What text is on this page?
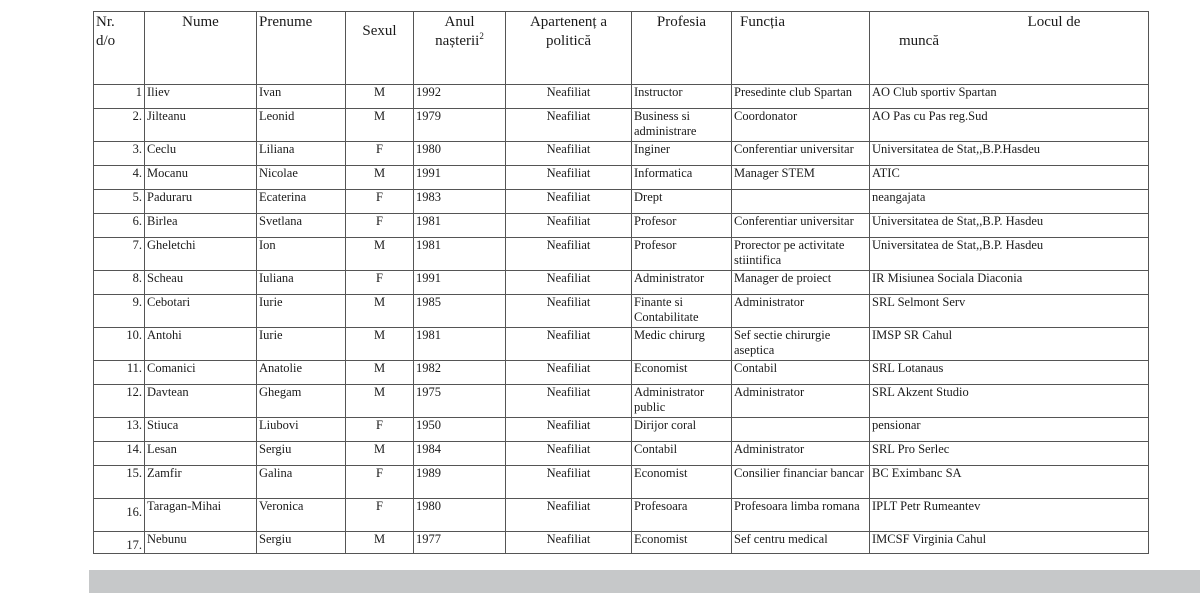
Nr.
d/o	Nume	Prenume	Sexul	Anul
nașterii$^2$	Apartenenț a
politică	Profesia	Funcția	Locul de
muncă

1	Iliev	Ivan	M	1992	Neafiliat	Instructor	Presedinte club Spartan	AO Club sportiv Spartan
2.	Jilteanu	Leonid	M	1979	Neafiliat	Business si administrare	Coordonator	AO Pas cu Pas reg.Sud
3.	Ceclu	Liliana	F	1980	Neafiliat	Inginer	Conferentiar universitar	Universitatea de Stat,,B.P.Hasdeu
4.	Mocanu	Nicolae	M	1991	Neafiliat	Informatica	Manager STEM	ATIC
5.	Paduraru	Ecaterina	F	1983	Neafiliat	Drept		neangajata
6.	Birlea	Svetlana	F	1981	Neafiliat	Profesor	Conferentiar universitar	Universitatea de Stat,,B.P. Hasdeu
7.	Gheletchi	Ion	M	1981	Neafiliat	Profesor	Prorector pe activitate stiintifica	Universitatea de Stat,,B.P. Hasdeu
8.	Scheau	Iuliana	F	1991	Neafiliat	Administrator	Manager de proiect	IR Misiunea Sociala Diaconia
9.	Cebotari	Iurie	M	1985	Neafiliat	Finante si Contabilitate	Administrator	SRL Selmont Serv
10.	Antohi	Iurie	M	1981	Neafiliat	Medic chirurg	Sef sectie chirurgie aseptica	IMSP SR Cahul
11.	Comanici	Anatolie	M	1982	Neafiliat	Economist	Contabil	SRL Lotanaus
12.	Davtean	Ghegam	M	1975	Neafiliat	Administrator public	Administrator	SRL Akzent Studio
13.	Stiuca	Liubovi	F	1950	Neafiliat	Dirijor coral		pensionar
14.	Lesan	Sergiu	M	1984	Neafiliat	Contabil	Administrator	SRL Pro Serlec
15.	Zamfir	Galina	F	1989	Neafiliat	Economist	Consilier financiar bancar	BC Eximbanc SA
16.	Taragan-Mihai	Veronica	F	1980	Neafiliat	Profesoara	Profesoara limba romana	IPLT Petr Rumeantev
17.	Nebunu	Sergiu	M	1977	Neafiliat	Economist	Sef centru medical	IMCSF Virginia Cahul
